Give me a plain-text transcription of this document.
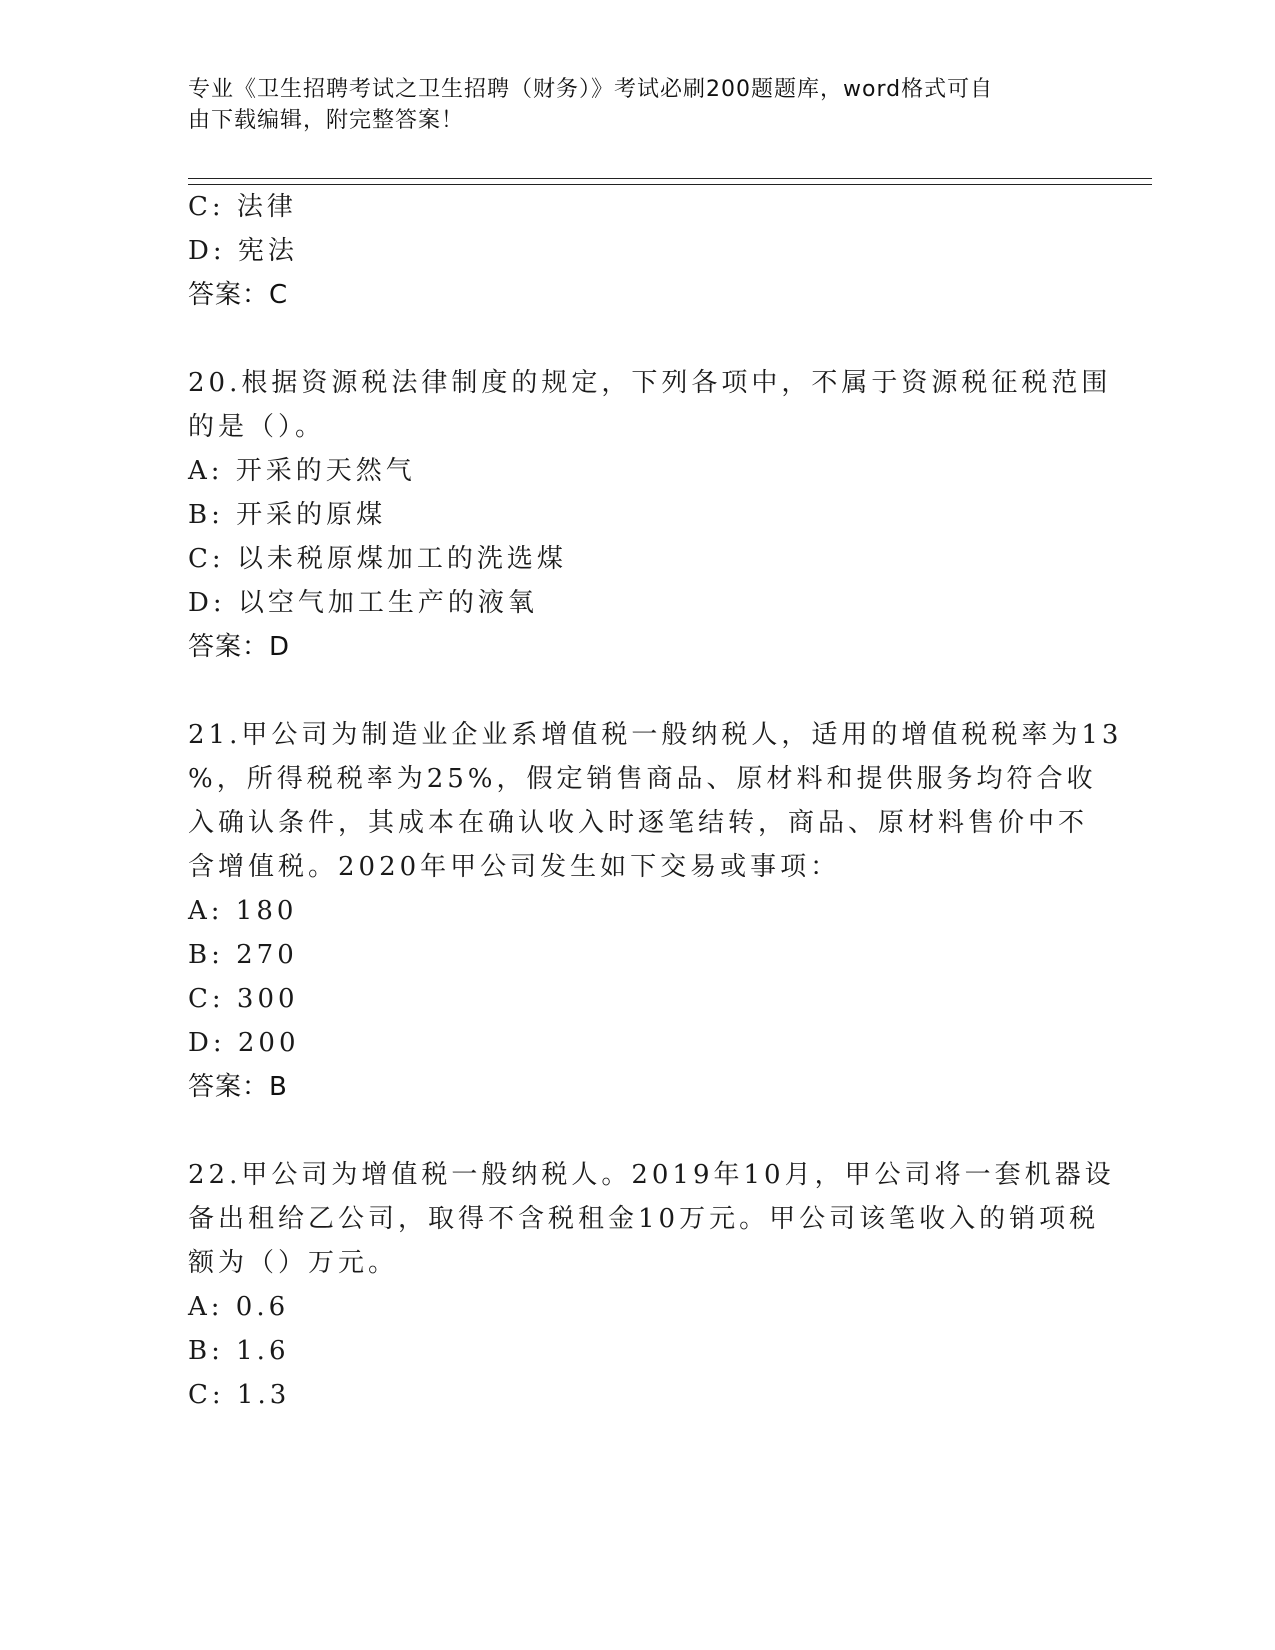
专业《卫生招聘考试之卫生招聘（财务）》考试必刷200题题库，word格式可自
由下载编辑，附完整答案！
C: 法律
D: 宪法
答案：C
20.根据资源税法律制度的规定，下列各项中，不属于资源税征税范围
的是（）。
A: 开采的天然气
B: 开采的原煤
C: 以未税原煤加工的洗选煤
D: 以空气加工生产的液氧
答案：D
21.甲公司为制造业企业系增值税一般纳税人，适用的增值税税率为13
%，所得税税率为25%，假定销售商品、原材料和提供服务均符合收
入确认条件，其成本在确认收入时逐笔结转，商品、原材料售价中不
含增值税。2020年甲公司发生如下交易或事项：
A: 180
B: 270
C: 300
D: 200
答案：B
22.甲公司为增值税一般纳税人。2019年10月，甲公司将一套机器设
备出租给乙公司，取得不含税租金10万元。甲公司该笔收入的销项税
额为（）万元。
A: 0.6
B: 1.6
C: 1.3
